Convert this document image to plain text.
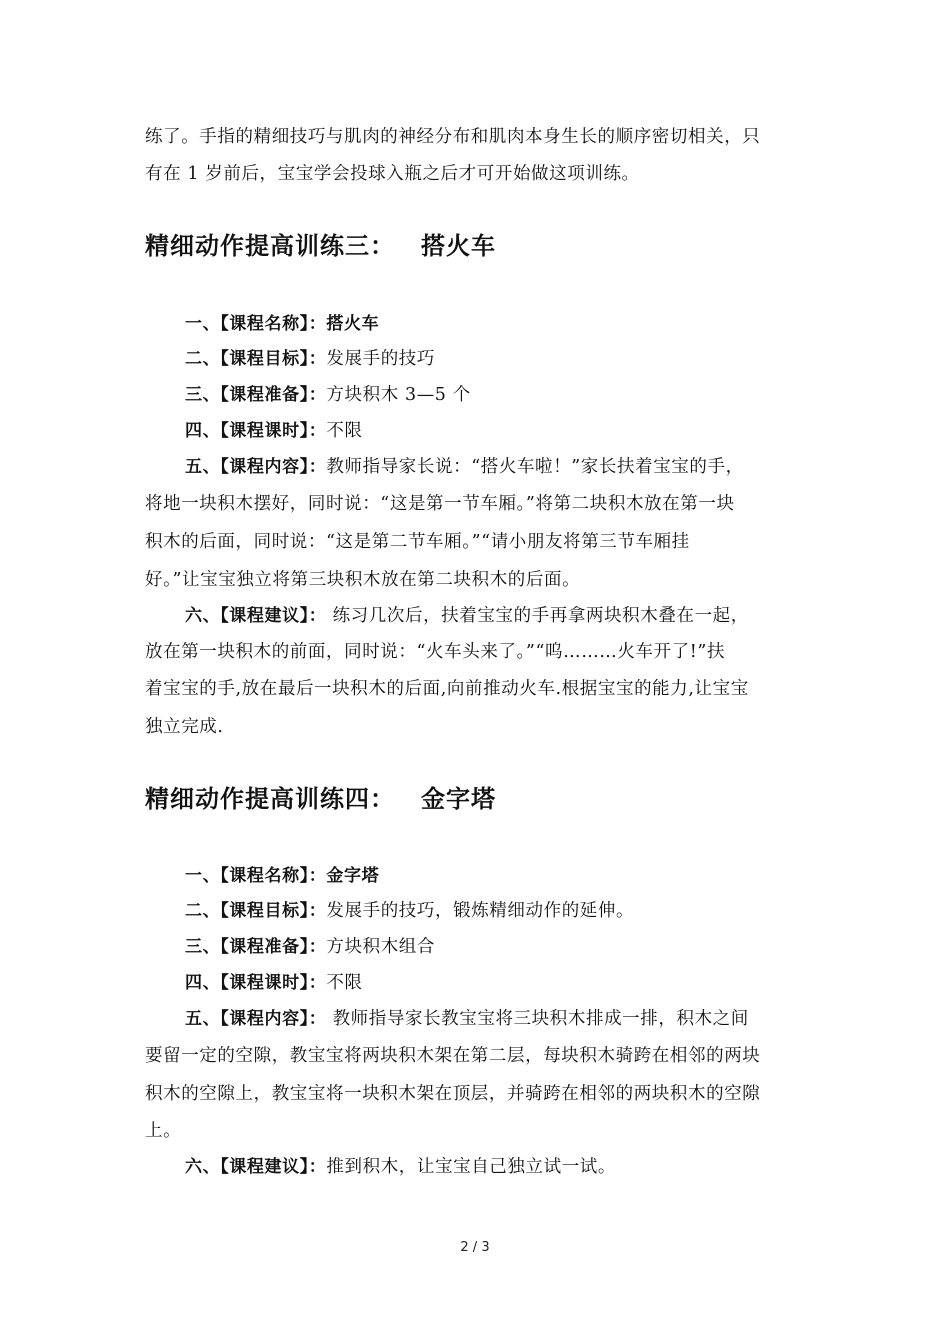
练了。手指的精细技巧与肌肉的神经分布和肌肉本身生长的顺序密切相关，只

有在 1 岁前后，宝宝学会投球入瓶之后才可开始做这项训练。

精细动作提高训练三： 搭火车

一、【课程名称】：搭火车

二、【课程目标】：发展手的技巧

三、【课程准备】：方块积木 3—5 个

四、【课程课时】：不限

五、【课程内容】：教师指导家长说：“搭火车啦！”家长扶着宝宝的手，

将地一块积木摆好，同时说：“这是第一节车厢。”将第二块积木放在第一块

积木的后面，同时说：“这是第二节车厢。”“请小朋友将第三节车厢挂

好。”让宝宝独立将第三块积木放在第二块积木的后面。

六、【课程建议】： 练习几次后，扶着宝宝的手再拿两块积木叠在一起，

放在第一块积木的前面，同时说：“火车头来了。”“呜………火车开了!”扶

着宝宝的手,放在最后一块积木的后面,向前推动火车.根据宝宝的能力,让宝宝

独立完成.

精细动作提高训练四： 金字塔

一、【课程名称】：金字塔

二、【课程目标】：发展手的技巧，锻炼精细动作的延伸。

三、【课程准备】：方块积木组合

四、【课程课时】：不限

五、【课程内容】： 教师指导家长教宝宝将三块积木排成一排，积木之间

要留一定的空隙，教宝宝将两块积木架在第二层，每块积木骑跨在相邻的两块

积木的空隙上，教宝宝将一块积木架在顶层，并骑跨在相邻的两块积木的空隙

上。

六、【课程建议】：推到积木，让宝宝自己独立试一试。

2 / 3
